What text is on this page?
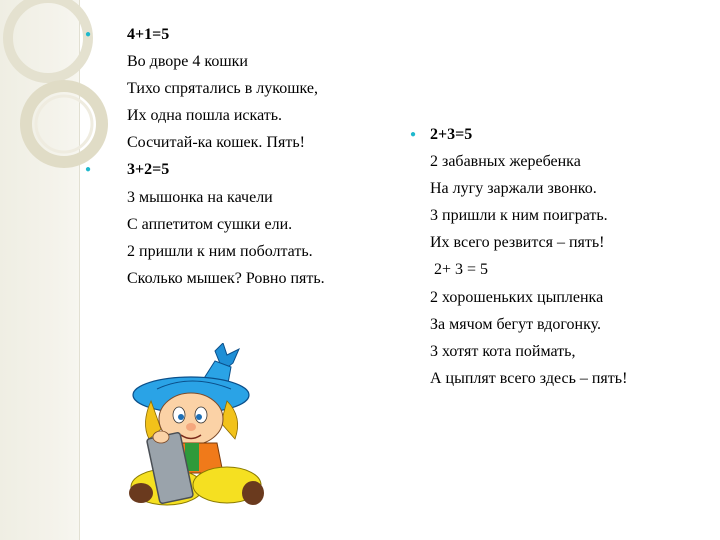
● 4+1=5
Во дворе 4 кошки
Тихо спрятались в лукошке,
Их одна пошла искать.
Сосчитай-ка кошек. Пять!
● 3+2=5
3 мышонка на качели
С аппетитом сушки ели.
2 пришли к ним поболтать.
Сколько мышек? Ровно пять.
● 2+3=5
2 забавных жеребенка
На лугу заржали звонко.
3 пришли к ним поиграть.
Их всего резвится – пять!
2+ 3 = 5
2 хорошеньких цыпленка
За мячом бегут вдогонку.
3 хотят кота поймать,
А цыплят всего здесь – пять!
